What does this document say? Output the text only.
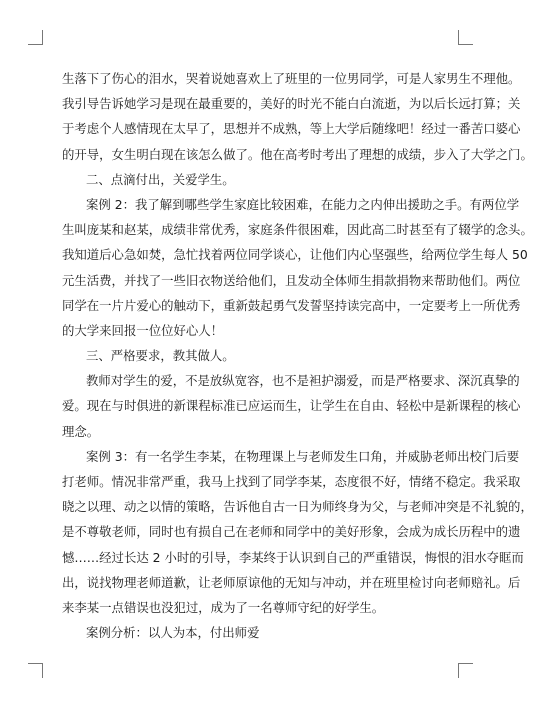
生落下了伤心的泪水，哭着说她喜欢上了班里的一位男同学，可是人家男生不理他。
我引导告诉她学习是现在最重要的，美好的时光不能白白流逝，为以后长远打算；关
于考虑个人感情现在太早了，思想并不成熟，等上大学后随缘吧！经过一番苦口婆心
的开导，女生明白现在该怎么做了。他在高考时考出了理想的成绩，步入了大学之门。
二、点滴付出，关爱学生。
案例 2：我了解到哪些学生家庭比较困难，在能力之内伸出援助之手。有两位学
生叫庞某和赵某，成绩非常优秀，家庭条件很困难，因此高二时甚至有了辍学的念头。
我知道后心急如焚，急忙找着两位同学谈心，让他们内心坚强些，给两位学生每人 50
元生活费，并找了一些旧衣物送给他们，且发动全体师生捐款捐物来帮助他们。两位
同学在一片片爱心的触动下，重新鼓起勇气发誓坚持读完高中，一定要考上一所优秀
的大学来回报一位位好心人！
三、严格要求，教其做人。
教师对学生的爱，不是放纵宽容，也不是袒护溺爱，而是严格要求、深沉真挚的
爱。现在与时俱进的新课程标准已应运而生，让学生在自由、轻松中是新课程的核心
理念。
案例 3：有一名学生李某，在物理课上与老师发生口角，并威胁老师出校门后要
打老师。情况非常严重，我马上找到了同学李某，态度很不好，情绪不稳定。我采取
晓之以理、动之以情的策略，告诉他自古一日为师终身为父，与老师冲突是不礼貌的，
是不尊敬老师，同时也有损自己在老师和同学中的美好形象，会成为成长历程中的遗
憾……经过长达 2 小时的引导，李某终于认识到自己的严重错误，悔恨的泪水夺眶而
出，说找物理老师道歉，让老师原谅他的无知与冲动，并在班里检讨向老师赔礼。后
来李某一点错误也没犯过，成为了一名尊师守纪的好学生。
案例分析：以人为本，付出师爱
